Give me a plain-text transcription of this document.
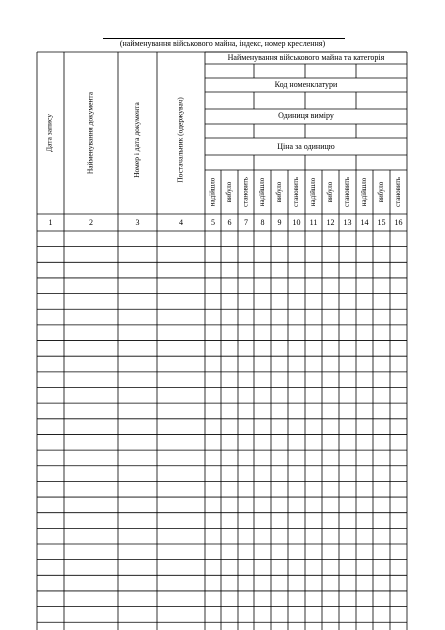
(найменування військового майна, індекс, номер креслення)
Дата запису	Найменування документа	Номер і дата документа	Постачальник (одержувач)
Найменування військового майна та категорія
Код номенклатури
Одиниця виміру
Ціна за одиницю
надійшло вибуло становить надійшло вибуло становить надійшло вибуло становить надійшло вибуло становить
1	2	3	4	5 6 7 8 9 10 11 12 13 14 15 16
